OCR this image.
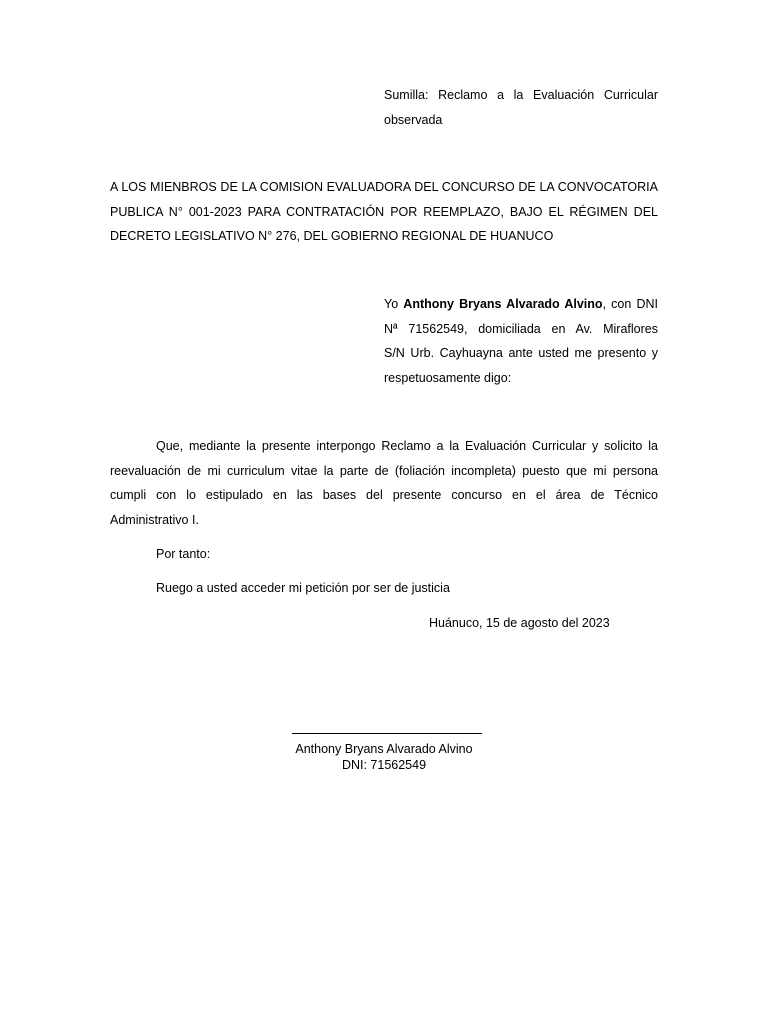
Sumilla: Reclamo a la Evaluación Curricular
observada
A LOS MIENBROS DE LA COMISION EVALUADORA DEL CONCURSO DE LA CONVOCATORIA
PUBLICA N° 001-2023 PARA CONTRATACIÓN POR REEMPLAZO, BAJO EL RÉGIMEN DEL
DECRETO LEGISLATIVO N° 276, DEL GOBIERNO REGIONAL DE HUANUCO
Yo Anthony Bryans Alvarado Alvino, con DNI
Nª 71562549, domiciliada en Av. Miraflores
S/N Urb. Cayhuayna ante usted me presento y
respetuosamente digo:
Que, mediante la presente interpongo Reclamo a la Evaluación Curricular y solicito la
reevaluación de mi curriculum vitae la parte de (foliación incompleta) puesto que mi persona
cumpli con lo estipulado en las bases del presente concurso en el área de Técnico
Administrativo I.
Por tanto:
Ruego a usted acceder mi petición por ser de justicia
Huánuco, 15 de agosto del 2023
Anthony Bryans Alvarado Alvino
DNI: 71562549
